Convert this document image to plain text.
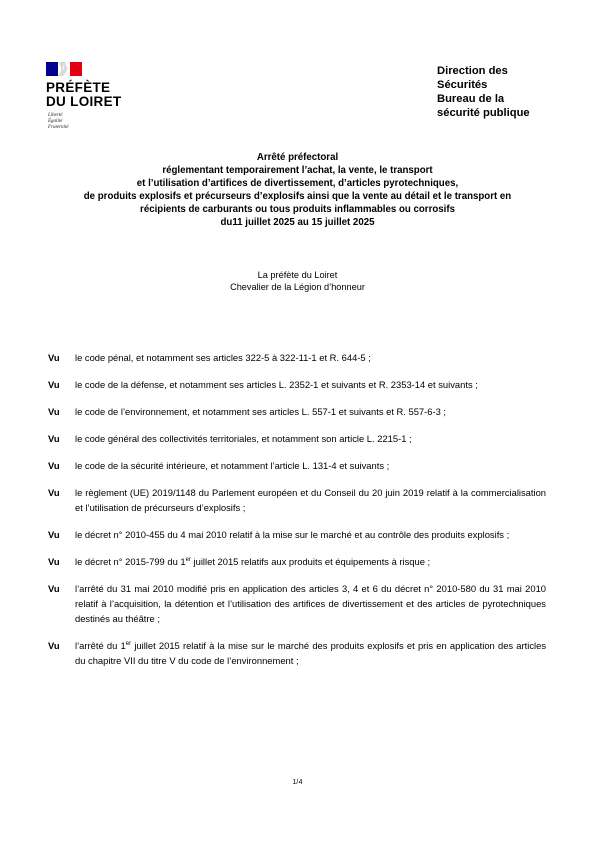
PRÉFÈTE
DU LOIRET
Liberté
Égalité
Fraternité
Direction des
Sécurités
Bureau de la
sécurité publique
Arrêté préfectoral
réglementant temporairement l’achat, la vente, le transport
et l’utilisation d’artifices de divertissement, d’articles pyrotechniques,
de produits explosifs et précurseurs d’explosifs ainsi que la vente au détail et le transport en
récipients de carburants ou tous produits inflammables ou corrosifs
du11 juillet 2025 au 15 juillet 2025
La préfète du Loiret
Chevalier de la Légion d’honneur
Vu le code pénal, et notamment ses articles 322-5 à 322-11-1 et R. 644-5 ;
Vu le code de la défense, et notamment ses articles L. 2352-1 et suivants et R. 2353-14 et suivants ;
Vu le code de l’environnement, et notamment ses articles L. 557-1 et suivants et R. 557-6-3 ;
Vu le code général des collectivités territoriales, et notamment son article L. 2215-1 ;
Vu le code de la sécurité intérieure, et notamment l’article L. 131-4 et suivants ;
Vu le règlement (UE) 2019/1148 du Parlement européen et du Conseil du 20 juin 2019 relatif à la commercialisation et l’utilisation de précurseurs d’explosifs ;
Vu le décret n° 2010-455 du 4 mai 2010 relatif à la mise sur le marché et au contrôle des produits explosifs ;
Vu le décret n° 2015-799 du 1er juillet 2015 relatifs aux produits et équipements à risque ;
Vu l’arrêté du 31 mai 2010 modifié pris en application des articles 3, 4 et 6 du décret n° 2010-580 du 31 mai 2010 relatif à l’acquisition, la détention et l’utilisation des artifices de divertissement et des articles de pyrotechniques destinés au théâtre ;
Vu l’arrêté du 1er juillet 2015 relatif à la mise sur le marché des produits explosifs et pris en application des articles du chapitre VII du titre V du code de l’environnement ;
1/4
